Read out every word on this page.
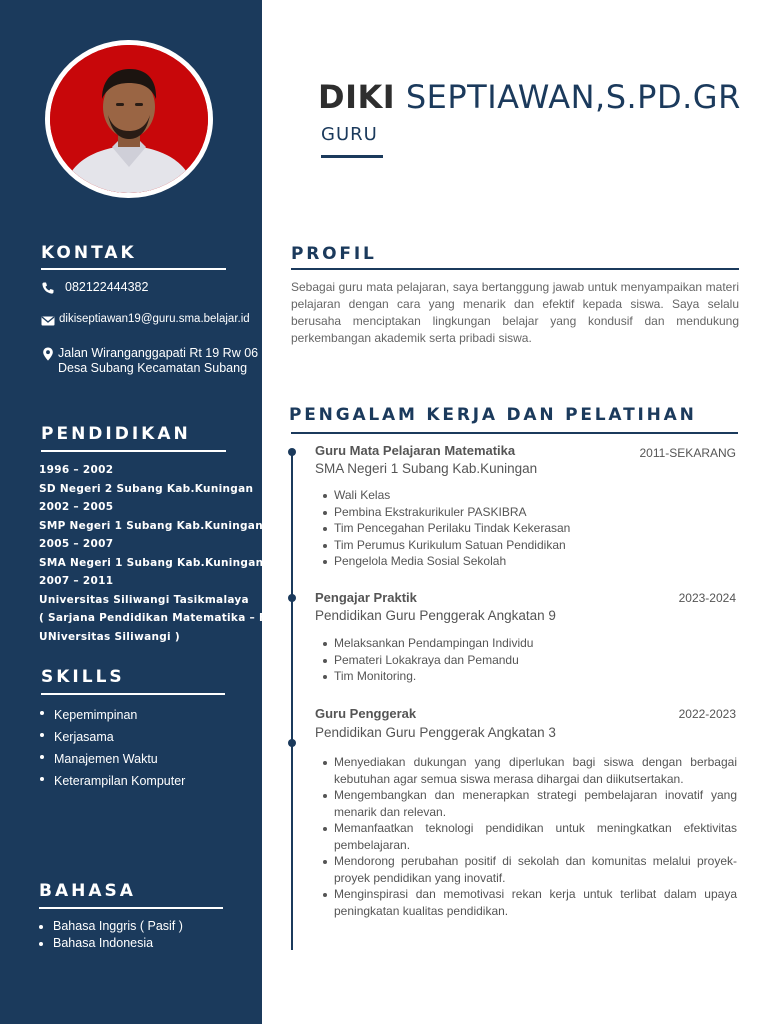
KONTAK
082122444382
dikiseptiawan19@guru.sma.belajar.id
Jalan Wiranganggapati Rt 19 Rw 06
Desa Subang Kecamatan Subang
PENDIDIKAN
1996 – 2002
SD Negeri 2 Subang Kab.Kuningan
2002 – 2005
SMP Negeri 1 Subang Kab.Kuningan
2005 – 2007
SMA Negeri 1 Subang Kab.Kuningan
2007 – 2011
Universitas Siliwangi Tasikmalaya
( Sarjana Pendidikan Matematika – FKIP
UNiversitas Siliwangi )
SKILLS
Kepemimpinan
Kerjasama
Manajemen Waktu
Keterampilan Komputer
BAHASA
Bahasa Inggris ( Pasif )
Bahasa Indonesia
DIKI SEPTIAWAN,S.PD.GR
GURU
PROFIL

Sebagai guru mata pelajaran, saya bertanggung jawab untuk menyampaikan materi pelajaran dengan cara yang menarik dan efektif kepada siswa. Saya selalu berusaha menciptakan lingkungan belajar yang kondusif dan mendukung perkembangan akademik serta pribadi siswa.

PENGALAM KERJA DAN PELATIHAN
Guru Mata Pelajaran Matematika	2011-SEKARANG
SMA Negeri 1 Subang Kab.Kuningan
Wali Kelas
Pembina Ekstrakurikuler PASKIBRA
Tim Pencegahan Perilaku Tindak Kekerasan
Tim Perumus Kurikulum Satuan Pendidikan
Pengelola Media Sosial Sekolah
Pengajar Praktik	2023-2024
Pendidikan Guru Penggerak Angkatan 9
Melaksankan Pendampingan Individu
Pemateri Lokakraya dan Pemandu
Tim Monitoring.
Guru Penggerak	2022-2023
Pendidikan Guru Penggerak Angkatan 3
Menyediakan dukungan yang diperlukan bagi siswa dengan berbagai kebutuhan agar semua siswa merasa dihargai dan diikutsertakan.
Mengembangkan dan menerapkan strategi pembelajaran inovatif yang menarik dan relevan.
Memanfaatkan teknologi pendidikan untuk meningkatkan efektivitas pembelajaran.
Mendorong perubahan positif di sekolah dan komunitas melalui proyek-proyek pendidikan yang inovatif.
Menginspirasi dan memotivasi rekan kerja untuk terlibat dalam upaya peningkatan kualitas pendidikan.
